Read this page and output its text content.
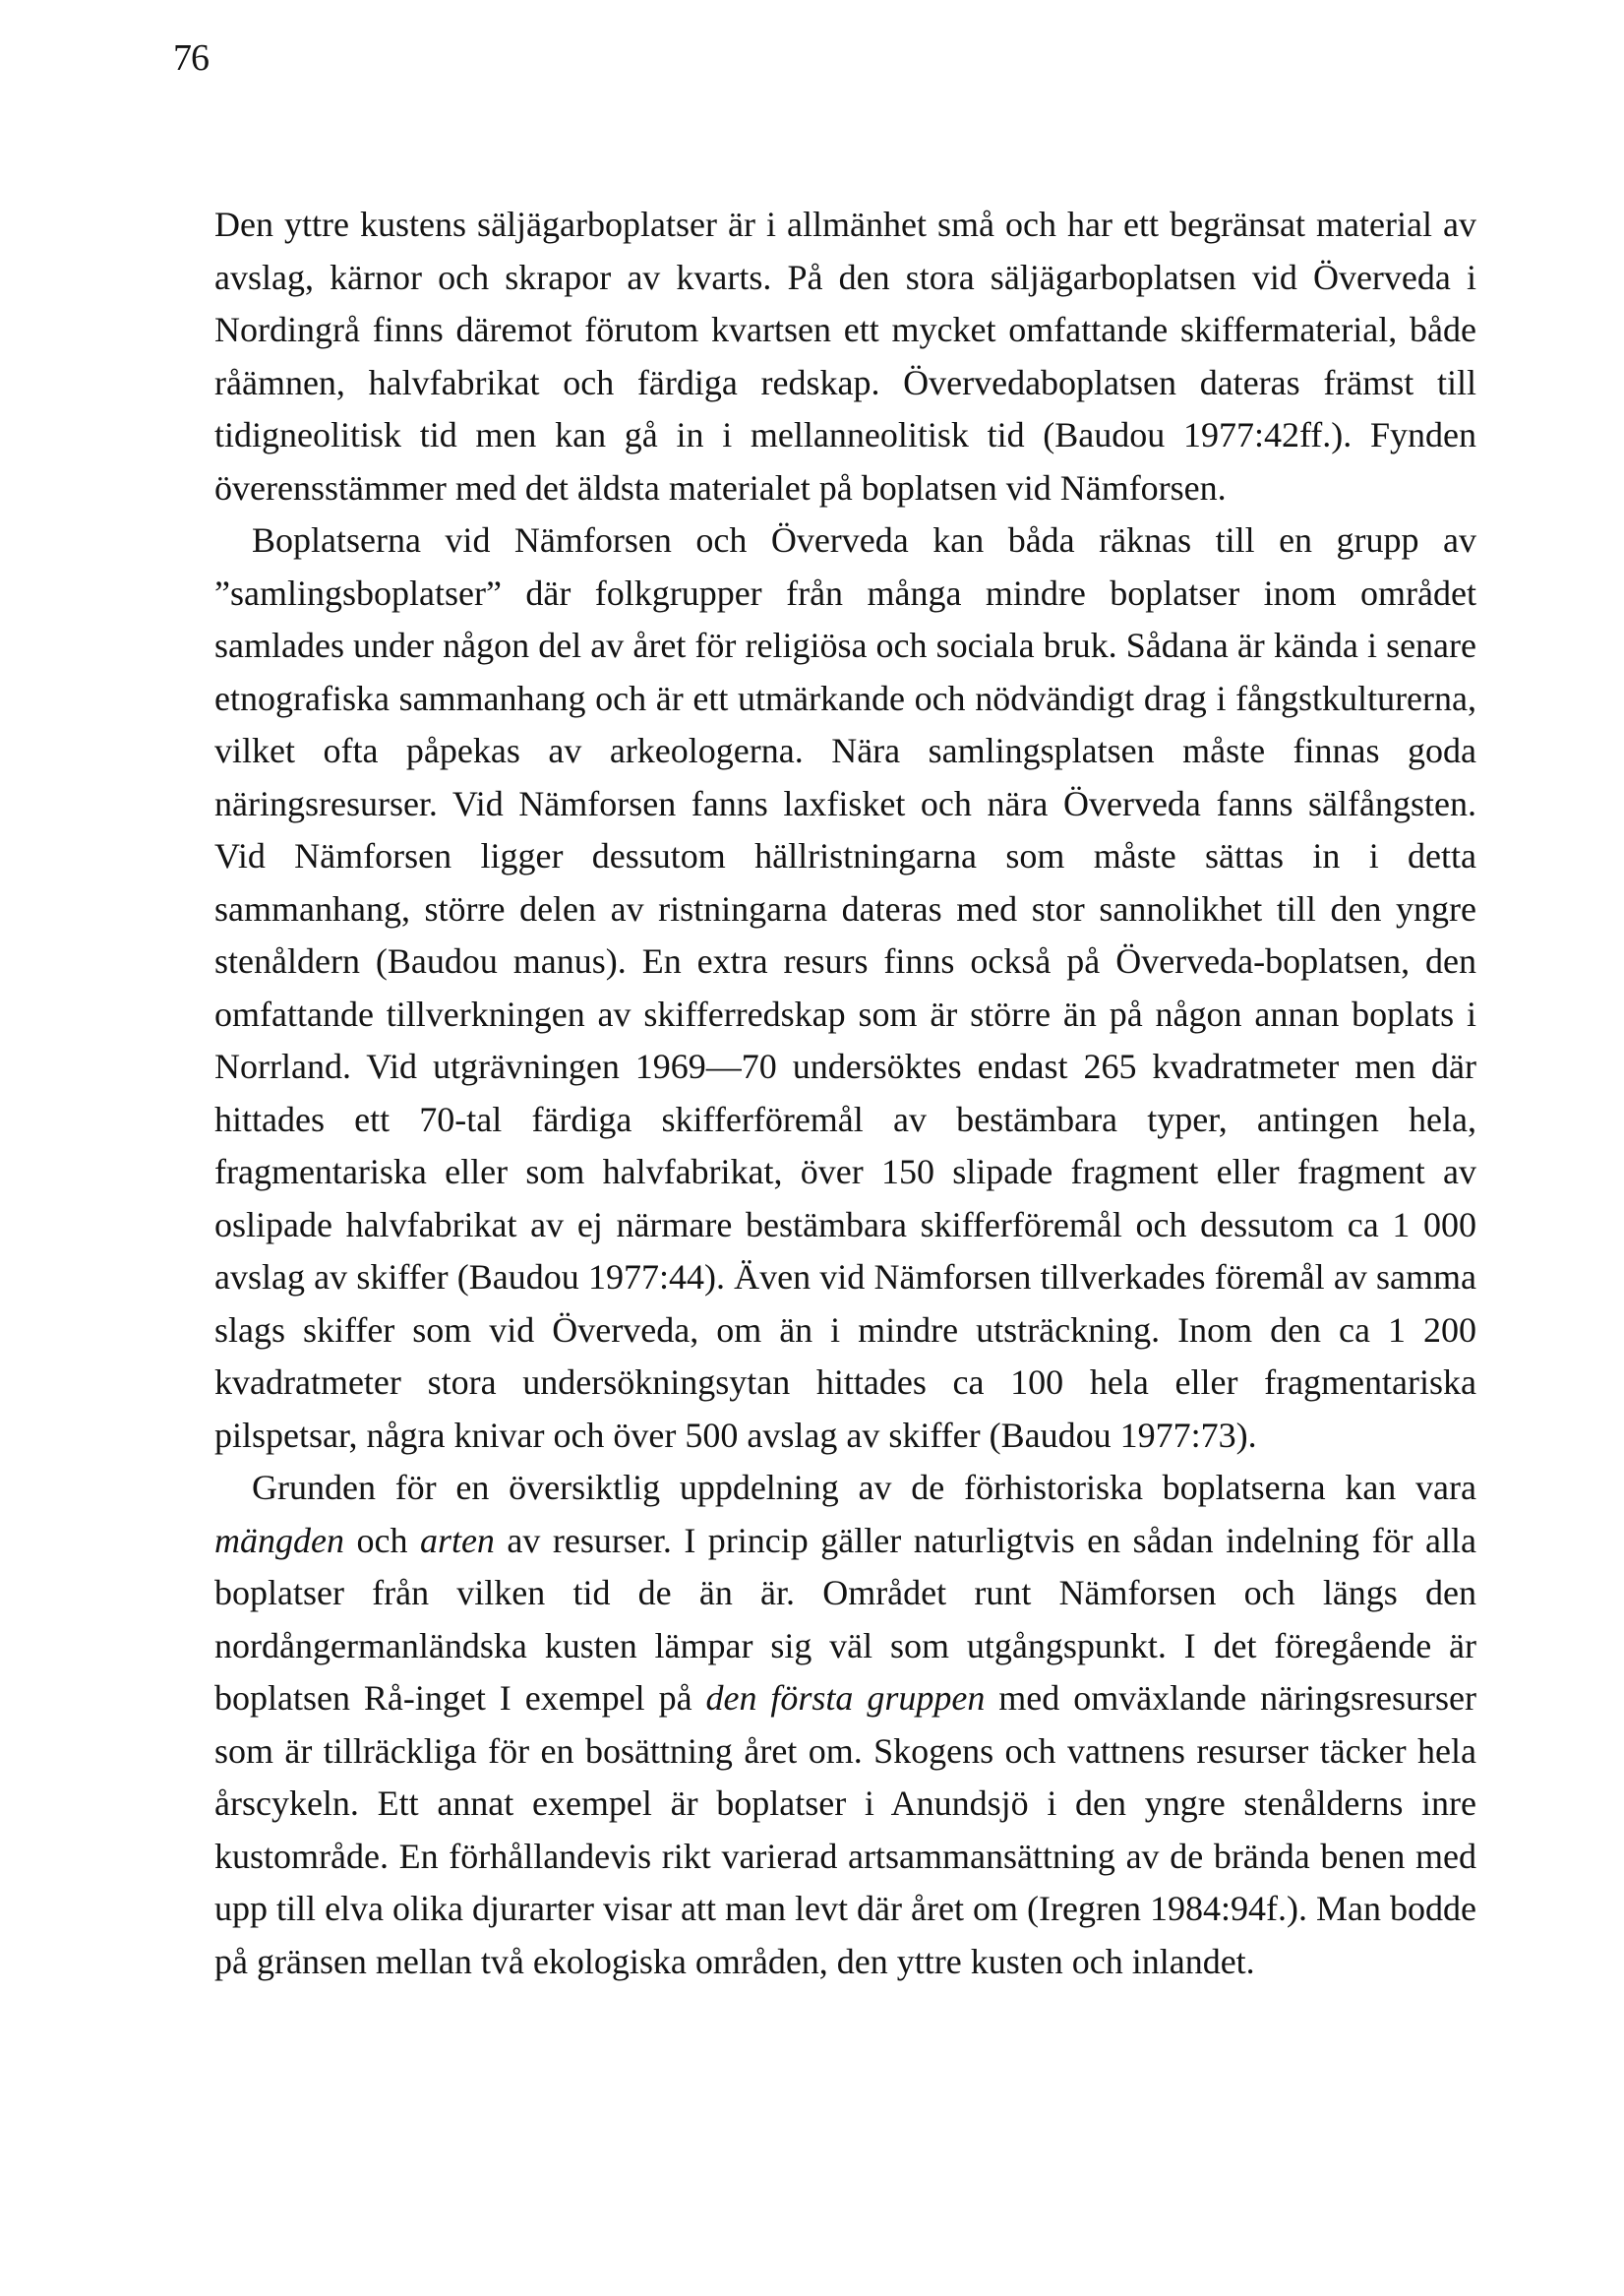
76

Den yttre kustens säljägarboplatser är i allmänhet små och har ett begränsat material av avslag, kärnor och skrapor av kvarts. På den stora säljägarboplatsen vid Överveda i Nordingrå finns däremot förutom kvartsen ett mycket omfattande skiffermaterial, både råämnen, halvfabrikat och färdiga redskap. Övervedaboplatsen dateras främst till tidigneolitisk tid men kan gå in i mellanneolitisk tid (Baudou 1977:42ff.). Fynden överensstämmer med det äldsta materialet på boplatsen vid Nämforsen.

Boplatserna vid Nämforsen och Överveda kan båda räknas till en grupp av ”samlingsboplatser” där folkgrupper från många mindre boplatser inom området samlades under någon del av året för religiösa och sociala bruk. Sådana är kända i senare etnografiska sammanhang och är ett utmärkande och nödvändigt drag i fångstkulturerna, vilket ofta påpekas av arkeologerna. Nära samlingsplatsen måste finnas goda näringsresurser. Vid Nämforsen fanns laxfisket och nära Överveda fanns sälfångsten. Vid Nämforsen ligger dessutom hällristningarna som måste sättas in i detta sammanhang, större delen av ristningarna dateras med stor sannolikhet till den yngre stenåldern (Baudou manus). En extra resurs finns också på Överveda-boplatsen, den omfattande tillverkningen av skifferredskap som är större än på någon annan boplats i Norrland. Vid utgrävningen 1969—70 undersöktes endast 265 kvadratmeter men där hittades ett 70-tal färdiga skifferföremål av bestämbara typer, antingen hela, fragmentariska eller som halvfabrikat, över 150 slipade fragment eller fragment av oslipade halvfabrikat av ej närmare bestämbara skifferföremål och dessutom ca 1 000 avslag av skiffer (Baudou 1977:44). Även vid Nämforsen tillverkades föremål av samma slags skiffer som vid Överveda, om än i mindre utsträckning. Inom den ca 1 200 kvadratmeter stora undersökningsytan hittades ca 100 hela eller fragmentariska pilspetsar, några knivar och över 500 avslag av skiffer (Baudou 1977:73).

Grunden för en översiktlig uppdelning av de förhistoriska boplatserna kan vara mängden och arten av resurser. I princip gäller naturligtvis en sådan indelning för alla boplatser från vilken tid de än är. Området runt Nämforsen och längs den nordångermanländska kusten lämpar sig väl som utgångspunkt. I det föregående är boplatsen Rå-inget I exempel på den första gruppen med omväxlande näringsresurser som är tillräckliga för en bosättning året om. Skogens och vattnens resurser täcker hela årscykeln. Ett annat exempel är boplatser i Anundsjö i den yngre stenålderns inre kustområde. En förhållandevis rikt varierad artsammansättning av de brända benen med upp till elva olika djurarter visar att man levt där året om (Iregren 1984:94f.). Man bodde på gränsen mellan två ekologiska områden, den yttre kusten och inlandet.
